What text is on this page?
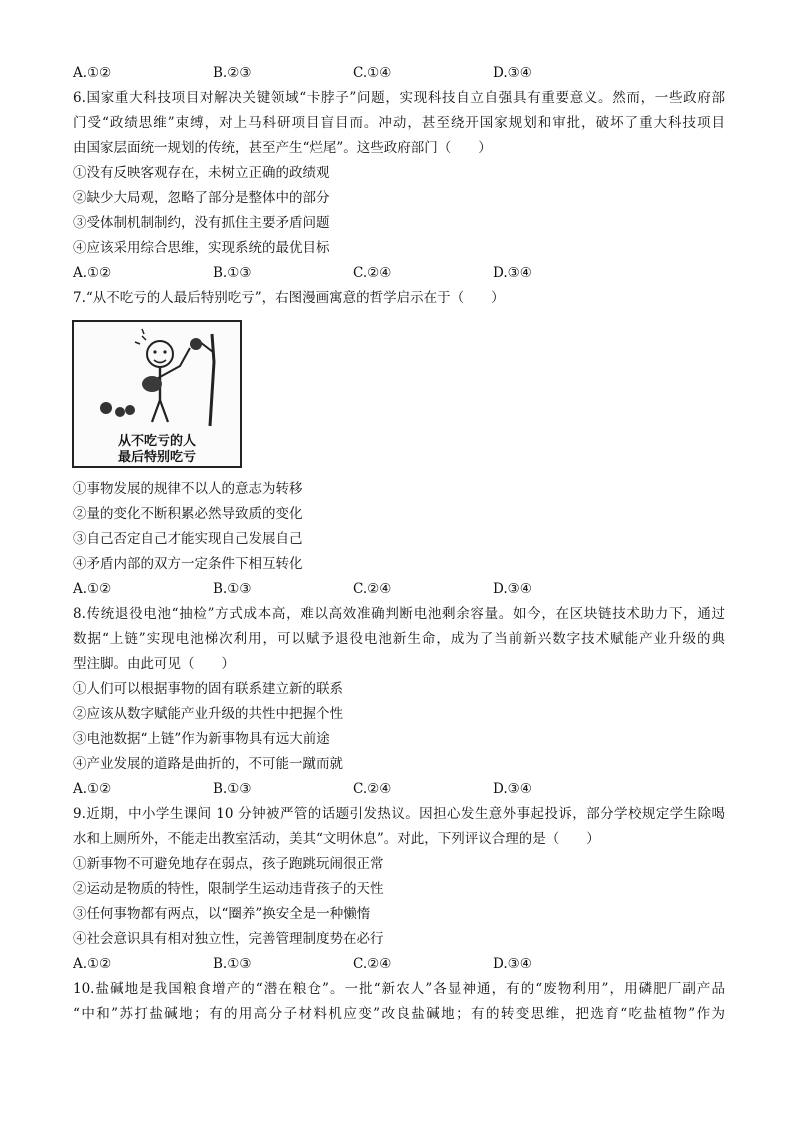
A.①②	B.②③	C.①④	D.③④
6.国家重大科技项目对解决关键领域“卡脖子”问题，实现科技自立自强具有重要意义。然而，一些政府部
门受“政绩思维”束缚，对上马科研项目盲目而。冲动，甚至绕开国家规划和审批，破坏了重大科技项目
由国家层面统一规划的传统，甚至产生“烂尾”。这些政府部门（　　）
①没有反映客观存在，未树立正确的政绩观
②缺少大局观，忽略了部分是整体中的部分
③受体制机制制约，没有抓住主要矛盾问题
④应该采用综合思维，实现系统的最优目标
A.①②	B.①③	C.②④	D.③④
7.“从不吃亏的人最后特别吃亏”，右图漫画寓意的哲学启示在于（　　）
从不吃亏的人
最后特别吃亏
①事物发展的规律不以人的意志为转移
②量的变化不断积累必然导致质的变化
③自己否定自己才能实现自己发展自己
④矛盾内部的双方一定条件下相互转化
A.①②	B.①③	C.②④	D.③④
8.传统退役电池“抽检”方式成本高，难以高效准确判断电池剩余容量。如今，在区块链技术助力下，通过
数据“上链”实现电池梯次利用，可以赋予退役电池新生命，成为了当前新兴数字技术赋能产业升级的典
型注脚。由此可见（　　）
①人们可以根据事物的固有联系建立新的联系
②应该从数字赋能产业升级的共性中把握个性
③电池数据“上链”作为新事物具有远大前途
④产业发展的道路是曲折的，不可能一蹴而就
A.①②	B.①③	C.②④	D.③④
9.近期，中小学生课间 10 分钟被严管的话题引发热议。因担心发生意外事起投诉，部分学校规定学生除喝
水和上厕所外，不能走出教室活动，美其“文明休息”。对此，下列评议合理的是（　　）
①新事物不可避免地存在弱点，孩子跑跳玩闹很正常
②运动是物质的特性，限制学生运动违背孩子的天性
③任何事物都有两点，以“圈养”换安全是一种懒惰
④社会意识具有相对独立性，完善管理制度势在必行
A.①②	B.①③	C.②④	D.③④
10.盐碱地是我国粮食增产的“潜在粮仓”。一批“新农人”各显神通，有的“废物利用”，用磷肥厂副产品
“中和”苏打盐碱地；有的用高分子材料机应变”改良盐碱地；有的转变思维，把选育“吃盐植物”作为
